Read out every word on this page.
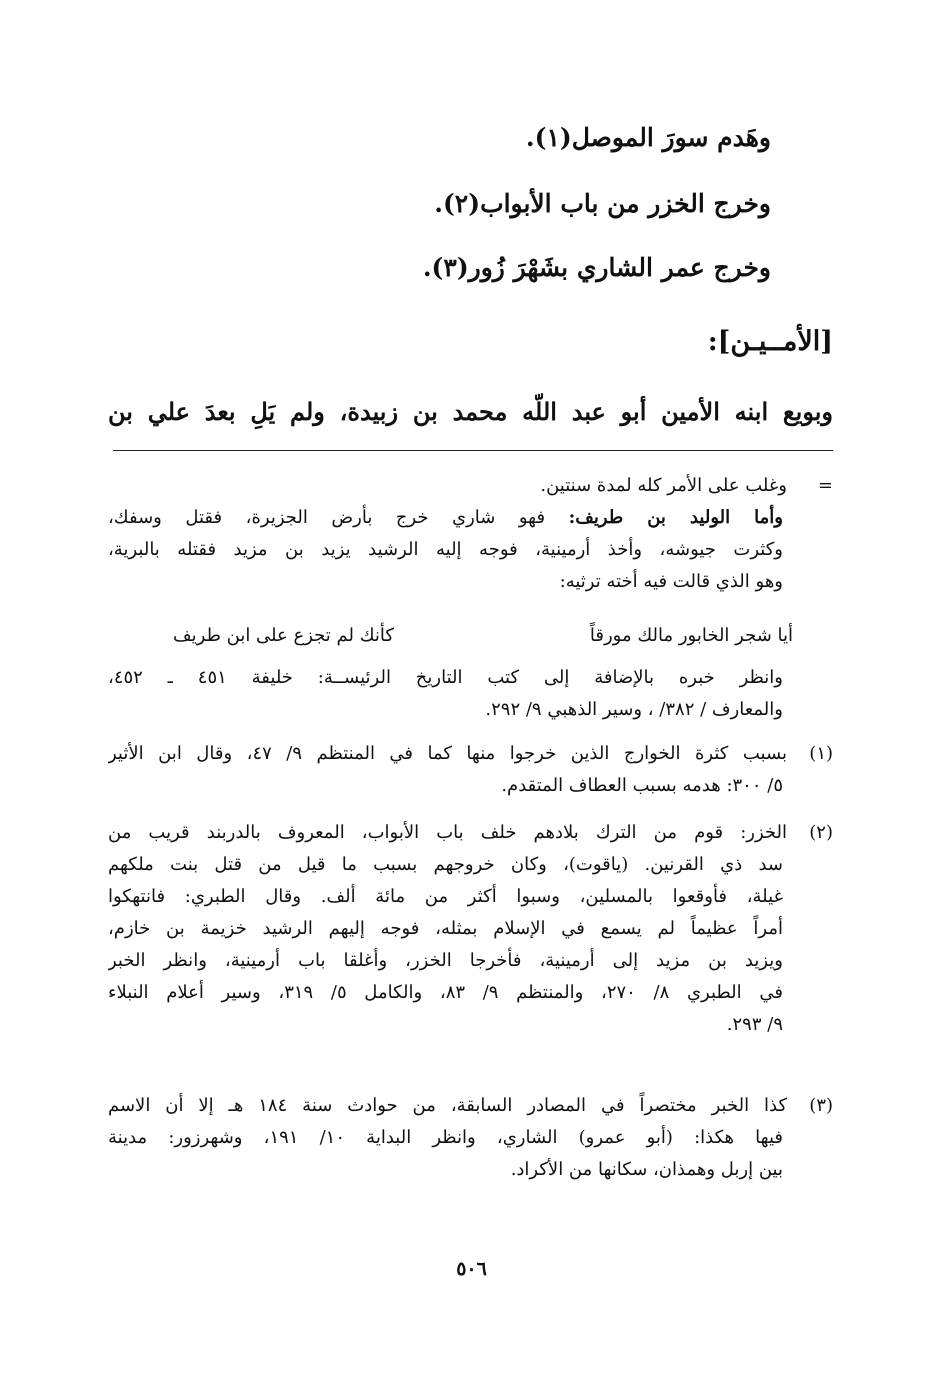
وهَدم سورَ الموصل(١).
وخرج الخزر من باب الأبواب(٢).
وخرج عمر الشاري بشَهْرَ زُور(٣).
[الأمــيـن]:
وبويع ابنه الأمين أبو عبد اللّه محمد بن زبيدة، ولم يَلِ بعدَ علي بن
=وغلب على الأمر كله لمدة سنتين.
وأما الوليد بن طريف: فهو شاري خرج بأرض الجزيرة، فقتل وسفك،
وكثرت جيوشه، وأخذ أرمينية، فوجه إليه الرشيد يزيد بن مزيد فقتله بالبرية،
وهو الذي قالت فيه أخته ترثيه:
أيا شجر الخابور مالك مورقاً
كأنك لم تجزع على ابن طريف
وانظر خبره بالإضافة إلى كتب التاريخ الرئيســة: خليفة ٤٥١ ـ ٤٥٢،
والمعارف / ٣٨٢/ ، وسير الذهبي ٩/ ٢٩٢.
(١)بسبب كثرة الخوارج الذين خرجوا منها كما في المنتظم ٩/ ٤٧، وقال ابن الأثير
٥/ ٣٠٠: هدمه بسبب العطاف المتقدم.
(٢)الخزر: قوم من الترك بلادهم خلف باب الأبواب، المعروف بالدربند قريب من
سد ذي القرنين. (ياقوت)، وكان خروجهم بسبب ما قيل من قتل بنت ملكهم
غيلة، فأوقعوا بالمسلين، وسبوا أكثر من مائة ألف. وقال الطبري: فانتهكوا
أمراً عظيماً لم يسمع في الإسلام بمثله، فوجه إليهم الرشيد خزيمة بن خازم،
ويزيد بن مزيد إلى أرمينية، فأخرجا الخزر، وأغلقا باب أرمينية، وانظر الخبر
في الطبري ٨/ ٢٧٠، والمنتظم ٩/ ٨٣، والكامل ٥/ ٣١٩، وسير أعلام النبلاء
٩/ ٢٩٣.
(٣)كذا الخبر مختصراً في المصادر السابقة، من حوادث سنة ١٨٤ هـ إلا أن الاسم
فيها هكذا: (أبو عمرو) الشاري، وانظر البداية ١٠/ ١٩١، وشهرزور: مدينة
بين إربل وهمذان، سكانها من الأكراد.
٥٠٦
